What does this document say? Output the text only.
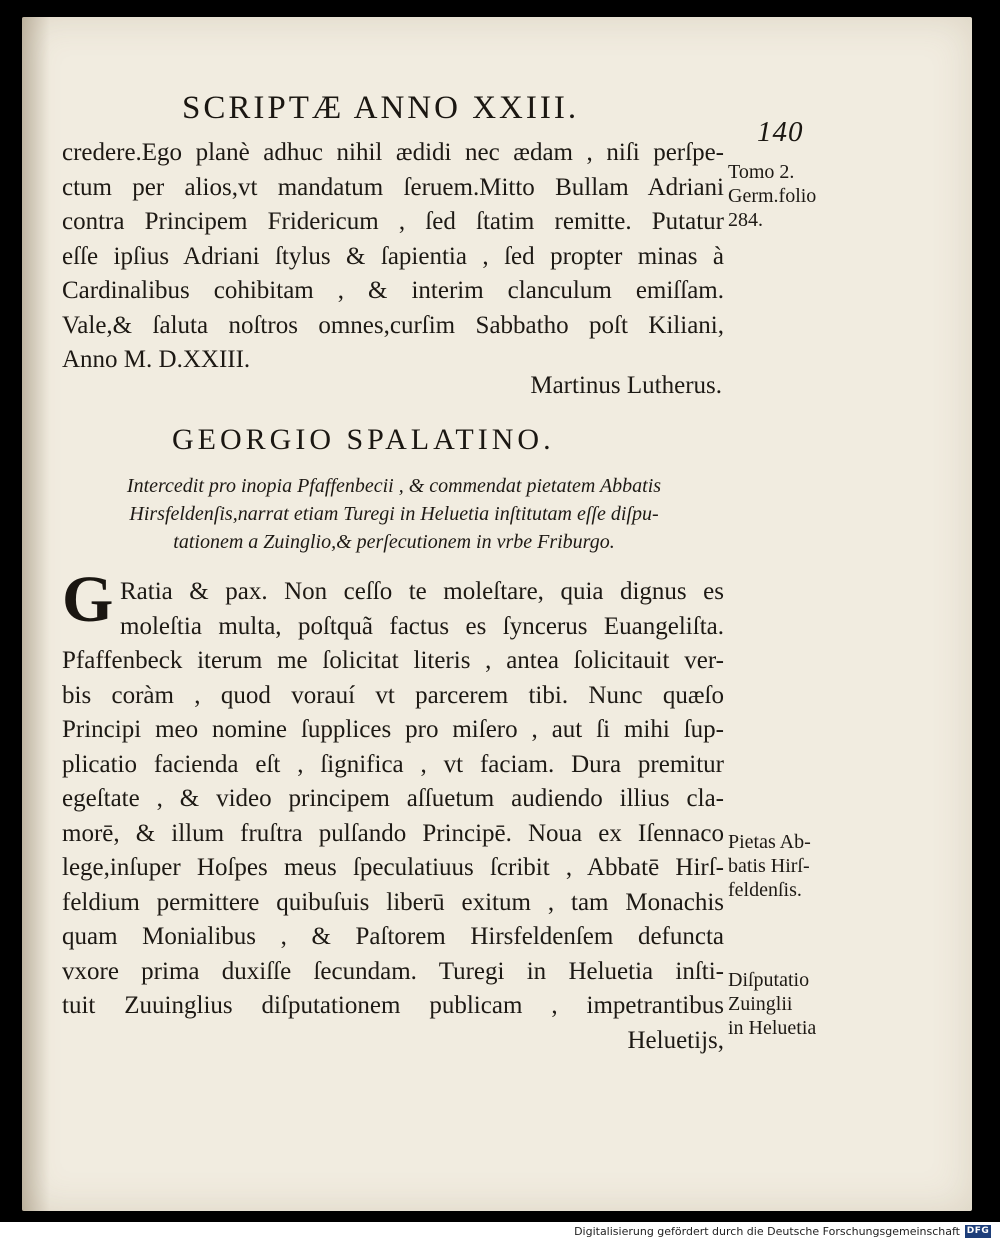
SCRIPTÆ ANNO XXIII.
140
Tomo 2.
Germ.folio
284.
credere.Ego planè adhuc nihil ædidi nec ædam , niſi perſpe-
ctum per alios,vt mandatum ſeruem.Mitto Bullam Adriani
contra Principem Fridericum , ſed ſtatim remitte. Putatur
eſſe ipſius Adriani ſtylus & ſapientia , ſed propter minas à
Cardinalibus cohibitam , & interim clanculum emiſſam.
Vale,& ſaluta noſtros omnes,curſim Sabbatho poſt Kiliani,
Anno M. D.XXIII.
Martinus Lutherus.
GEORGIO SPALATINO.
Intercedit pro inopia Pfaffenbecii , & commendat pietatem Abbatis
Hirsfeldenſis,narrat etiam Turegi in Heluetia inſtitutam eſſe diſpu-
tationem a Zuinglio,& perſecutionem in vrbe Friburgo.
G Ratia & pax. Non ceſſo te moleſtare, quia dignus es
moleſtia multa, poſtquã factus es ſyncerus Euangeliſta.
Pfaffenbeck iterum me ſolicitat literis , antea ſolicitauit ver-
bis coràm , quod vorauí vt parcerem tibi. Nunc quæſo
Principi meo nomine ſupplices pro miſero , aut ſi mihi ſup-
plicatio facienda eſt , ſignifica , vt faciam. Dura premitur
egeſtate , & video principem aſſuetum audiendo illius cla-
morē, & illum fruſtra pulſando Principē. Noua ex Iſennaco
lege,inſuper Hoſpes meus ſpeculatiuus ſcribit , Abbatē Hirſ-
feldium permittere quibuſuis liberū exitum , tam Monachis
quam Monialibus , & Paſtorem Hirsfeldenſem defuncta
vxore prima duxiſſe ſecundam. Turegi in Heluetia inſti-
tuit Zuuinglius diſputationem publicam , impetrantibus
Heluetijs,
Pietas Ab-
batis Hirſ-
feldenſis.
Diſputatio
Zuinglii
in Heluetia
Digitalisierung gefördert durch die Deutsche Forschungsgemeinschaft DFG
